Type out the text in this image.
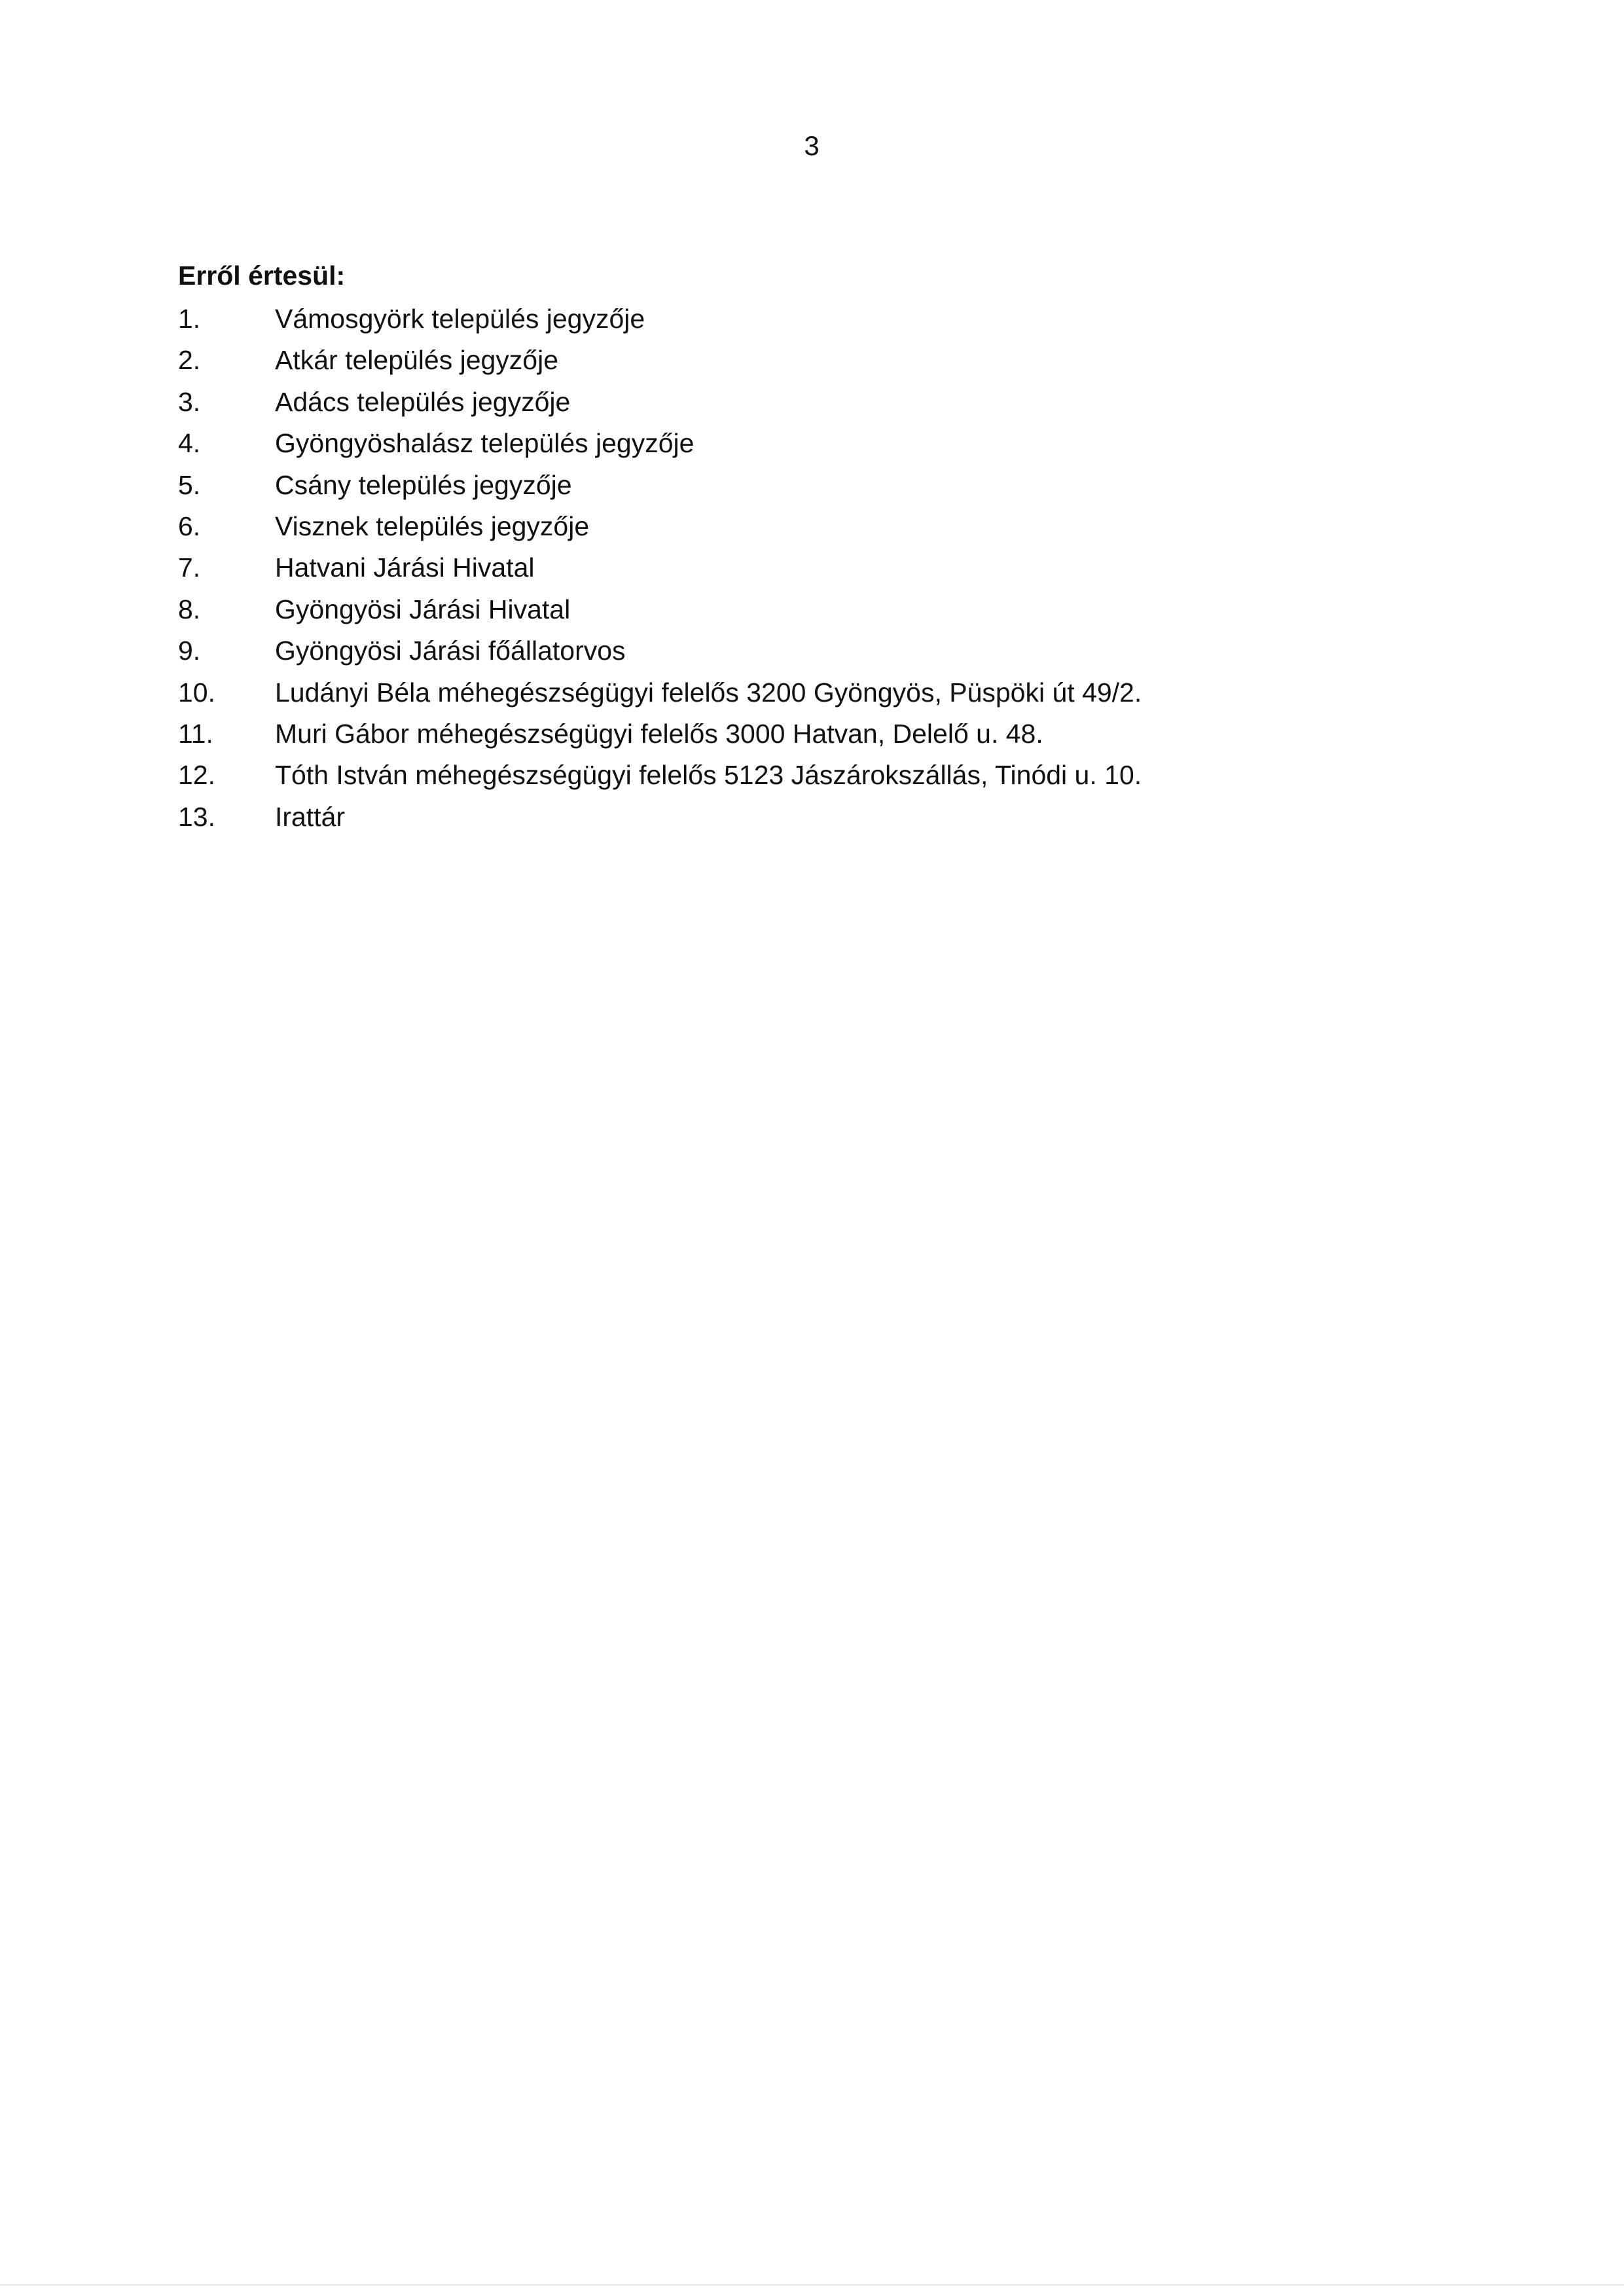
3
Erről értesül:
1.	Vámosgyörk település jegyzője
2.	Atkár település jegyzője
3.	Adács település jegyzője
4.	Gyöngyöshalász település jegyzője
5.	Csány település jegyzője
6.	Visznek település jegyzője
7.	Hatvani Járási Hivatal
8.	Gyöngyösi Járási Hivatal
9.	Gyöngyösi Járási főállatorvos
10.	Ludányi Béla méhegészségügyi felelős 3200 Gyöngyös, Püspöki út 49/2.
11.	Muri Gábor méhegészségügyi felelős 3000 Hatvan, Delelő u. 48.
12.	Tóth István méhegészségügyi felelős 5123 Jászárokszállás, Tinódi u. 10.
13.	Irattár
